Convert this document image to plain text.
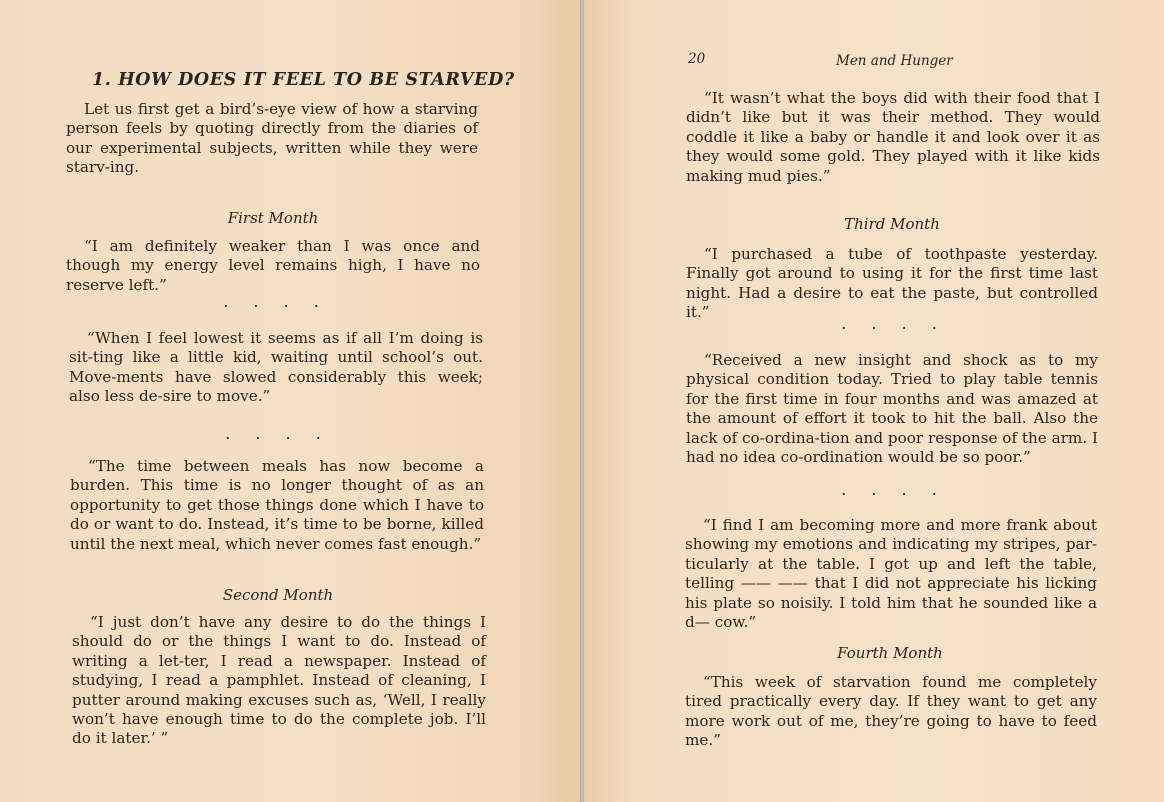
1. HOW DOES IT FEEL TO BE STARVED?

Let us first get a bird’s-eye view of how a starving person feels by quoting directly from the diaries of our experimental subjects, written while they were starv-ing.

First Month

“I am definitely weaker than I was once and though my energy level remains high, I have no reserve left.”

. . . .

“When I feel lowest it seems as if all I’m doing is sit-ting like a little kid, waiting until school’s out. Move-ments have slowed considerably this week; also less de-sire to move.”

. . . .

“The time between meals has now become a burden. This time is no longer thought of as an opportunity to get those things done which I have to do or want to do. Instead, it’s time to be borne, killed until the next meal, which never comes fast enough.”

Second Month

“I just don’t have any desire to do the things I should do or the things I want to do. Instead of writing a let-ter, I read a newspaper. Instead of studying, I read a pamphlet. Instead of cleaning, I putter around making excuses such as, ‘Well, I really won’t have enough time to do the complete job. I’ll do it later.’ ”

20	Men and Hunger

“It wasn’t what the boys did with their food that I didn’t like but it was their method. They would coddle it like a baby or handle it and look over it as they would some gold. They played with it like kids making mud pies.”

Third Month

“I purchased a tube of toothpaste yesterday. Finally got around to using it for the first time last night. Had a desire to eat the paste, but controlled it.”

. . . .

“Received a new insight and shock as to my physical condition today. Tried to play table tennis for the first time in four months and was amazed at the amount of effort it took to hit the ball. Also the lack of co-ordina-tion and poor response of the arm. I had no idea co-ordination would be so poor.”

. . . .

“I find I am becoming more and more frank about showing my emotions and indicating my stripes, par-ticularly at the table. I got up and left the table, telling —— —— that I did not appreciate his licking his plate so noisily. I told him that he sounded like a d— cow.”

Fourth Month

“This week of starvation found me completely tired practically every day. If they want to get any more work out of me, they’re going to have to feed me.”
